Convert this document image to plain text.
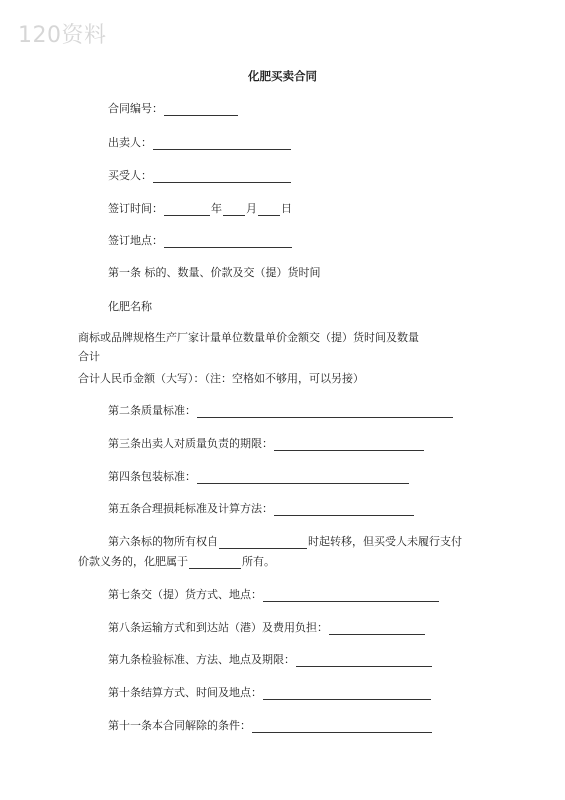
120资料
化肥买卖合同
合同编号：
出卖人：
买受人：
签订时间：	年 月 日
签订地点：
第一条 标的、数量、价款及交（提）货时间
化肥名称
商标或品牌规格生产厂家计量单位数量单价金额交（提）货时间及数量
合计
合计人民币金额（大写）：（注：空格如不够用，可以另接）
第二条质量标准：
第三条出卖人对质量负责的期限：
第四条包装标准：
第五条合理损耗标准及计算方法：
第六条标的物所有权自	时起转移，但买受人未履行支付
价款义务的，化肥属于	所有。
第七条交（提）货方式、地点：
第八条运输方式和到达站（港）及费用负担：
第九条检验标准、方法、地点及期限：
第十条结算方式、时间及地点：
第十一条本合同解除的条件：
